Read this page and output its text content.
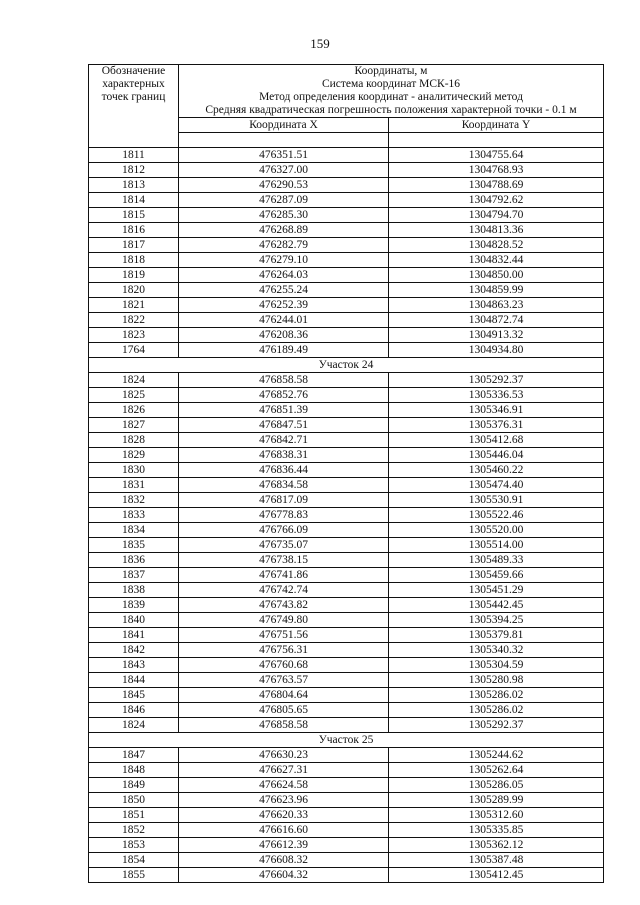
159
Обозначение
характерных
точек границ	Координаты, м
Система координат МСК-16
Метод определения координат - аналитический метод
Средняя квадратическая погрешность положения характерной точки - 0.1 м	
	Координата X	Координата Y

1811	476351.51	1304755.64
1812	476327.00	1304768.93
1813	476290.53	1304788.69
1814	476287.09	1304792.62
1815	476285.30	1304794.70
1816	476268.89	1304813.36
1817	476282.79	1304828.52
1818	476279.10	1304832.44
1819	476264.03	1304850.00
1820	476255.24	1304859.99
1821	476252.39	1304863.23
1822	476244.01	1304872.74
1823	476208.36	1304913.32
1764	476189.49	1304934.80
Участок 24		
1824	476858.58	1305292.37
1825	476852.76	1305336.53
1826	476851.39	1305346.91
1827	476847.51	1305376.31
1828	476842.71	1305412.68
1829	476838.31	1305446.04
1830	476836.44	1305460.22
1831	476834.58	1305474.40
1832	476817.09	1305530.91
1833	476778.83	1305522.46
1834	476766.09	1305520.00
1835	476735.07	1305514.00
1836	476738.15	1305489.33
1837	476741.86	1305459.66
1838	476742.74	1305451.29
1839	476743.82	1305442.45
1840	476749.80	1305394.25
1841	476751.56	1305379.81
1842	476756.31	1305340.32
1843	476760.68	1305304.59
1844	476763.57	1305280.98
1845	476804.64	1305286.02
1846	476805.65	1305286.02
1824	476858.58	1305292.37
Участок 25		
1847	476630.23	1305244.62
1848	476627.31	1305262.64
1849	476624.58	1305286.05
1850	476623.96	1305289.99
1851	476620.33	1305312.60
1852	476616.60	1305335.85
1853	476612.39	1305362.12
1854	476608.32	1305387.48
1855	476604.32	1305412.45
